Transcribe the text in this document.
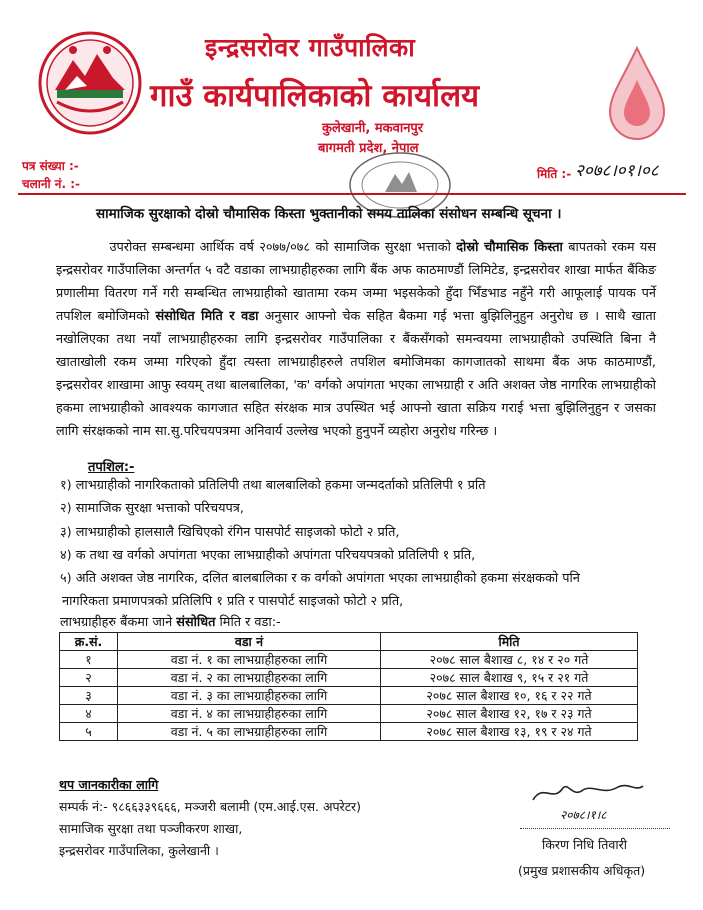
इन्द्रसरोवर गाउँपालिका
गाउँ कार्यपालिकाको कार्यालय
कुलेखानी, मकवानपुर
बागमती प्रदेश, नेपाल
पत्र संख्या :-
चलानी नं. :-
मिति :- २०७८।०१।०८
सामाजिक सुरक्षाको दोस्रो चौमासिक किस्ता भुक्तानीको समय तालिका संसोधन सम्बन्धि सूचना ।
उपरोक्त सम्बन्धमा आर्थिक वर्ष २०७७/०७८ को सामाजिक सुरक्षा भत्ताको दोस्रो चौमासिक किस्ता बापतको रकम यस इन्द्रसरोवर गाउँपालिका अन्तर्गत ५ वटै वडाका लाभग्राहीहरुका लागि बैंक अफ काठमाण्डौं लिमिटेड, इन्द्रसरोवर शाखा मार्फत बैंकिङ प्रणालीमा वितरण गर्ने गरी सम्बन्धित लाभग्राहीको खातामा रकम जम्मा भइसकेको हुँदा भिँडभाड नहुँने गरी आफूलाई पायक पर्ने तपशिल बमोजिमको संसोधित मिति र वडा अनुसार आफ्नो चेक सहित बैकमा गई भत्ता बुझिलिनुहुन अनुरोध छ । साथै खाता नखोलिएका तथा नयाँ लाभग्राहीहरुका लागि इन्द्रसरोवर गाउँपालिका र बैंकसँगको समन्वयमा लाभग्राहीको उपस्थिति बिना नै खाताखोली रकम जम्मा गरिएको हुँदा त्यस्ता लाभग्राहीहरुले तपशिल बमोजिमका कागजातको साथमा बैंक अफ काठमाण्डौं, इन्द्रसरोवर शाखामा आफु स्वयम् तथा बालबालिका, 'क' वर्गको अपांगता भएका लाभग्राही र अति अशक्त जेष्ठ नागरिक लाभग्राहीको हकमा लाभग्राहीको आवश्यक कागजात सहित संरक्षक मात्र उपस्थित भई आफ्नो खाता सक्रिय गराई भत्ता बुझिलिनुहुन र जसका लागि संरक्षकको नाम सा.सु.परिचयपत्रमा अनिवार्य उल्लेख भएको हुनुपर्ने व्यहोरा अनुरोध गरिन्छ ।
तपशिल:-
१) लाभग्राहीको नागरिकताको प्रतिलिपी तथा बालबालिको हकमा जन्मदर्ताको प्रतिलिपी १ प्रति
२) सामाजिक सुरक्षा भत्ताको परिचयपत्र,
३) लाभग्राहीको हालसालै खिचिएको रंगिन पासपोर्ट साइजको फोटो २ प्रति,
४) क तथा ख वर्गको अपांगता भएका लाभग्राहीको अपांगता परिचयपत्रको प्रतिलिपी १ प्रति,
५) अति अशक्त जेष्ठ नागरिक, दलित बालबालिका र क वर्गको अपांगता भएका लाभग्राहीको हकमा संरक्षकको पनि
नागरिकता प्रमाणपत्रको प्रतिलिपि १ प्रति र पासपोर्ट साइजको फोटो २ प्रति,
लाभग्राहीहरु बैंकमा जाने संसोधित मिति र वडा:-
क्र.सं.	वडा नं	मिति
१	वडा नं. १ का लाभग्राहीहरुका लागि	२०७८ साल बैशाख ८, १४ र २० गते
२	वडा नं. २ का लाभग्राहीहरुका लागि	२०७८ साल बैशाख ९, १५ र २१ गते
३	वडा नं. ३ का लाभग्राहीहरुका लागि	२०७८ साल बैशाख १०, १६ र २२ गते
४	वडा नं. ४ का लाभग्राहीहरुका लागि	२०७८ साल बैशाख १२, १७ र २३ गते
५	वडा नं. ५ का लाभग्राहीहरुका लागि	२०७८ साल बैशाख १३, १९ र २४ गते
थप जानकारीका लागि
सम्पर्क नं:- ९८६६३३९६६६, मञ्जरी बलामी (एम.आई.एस. अपरेटर)
सामाजिक सुरक्षा तथा पञ्जीकरण शाखा,
इन्द्रसरोवर गाउँपालिका, कुलेखानी ।
२०७८।१।८
किरण निधि तिवारी
(प्रमुख प्रशासकीय अधिकृत)
